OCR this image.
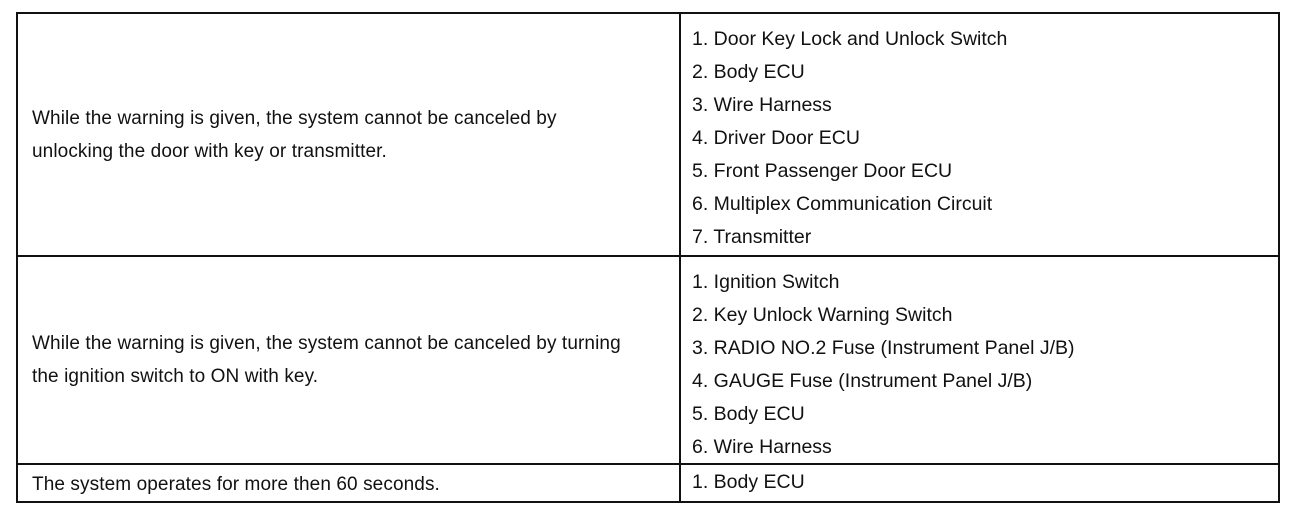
While the warning is given, the system cannot be canceled by unlocking the door with key or transmitter.
1. Door Key Lock and Unlock Switch
2. Body ECU
3. Wire Harness
4. Driver Door ECU
5. Front Passenger Door ECU
6. Multiplex Communication Circuit
7. Transmitter
While the warning is given, the system cannot be canceled by turning the ignition switch to ON with key.
1. Ignition Switch
2. Key Unlock Warning Switch
3. RADIO NO.2 Fuse (Instrument Panel J/B)
4. GAUGE Fuse (Instrument Panel J/B)
5. Body ECU
6. Wire Harness
The system operates for more then 60 seconds.	1. Body ECU
